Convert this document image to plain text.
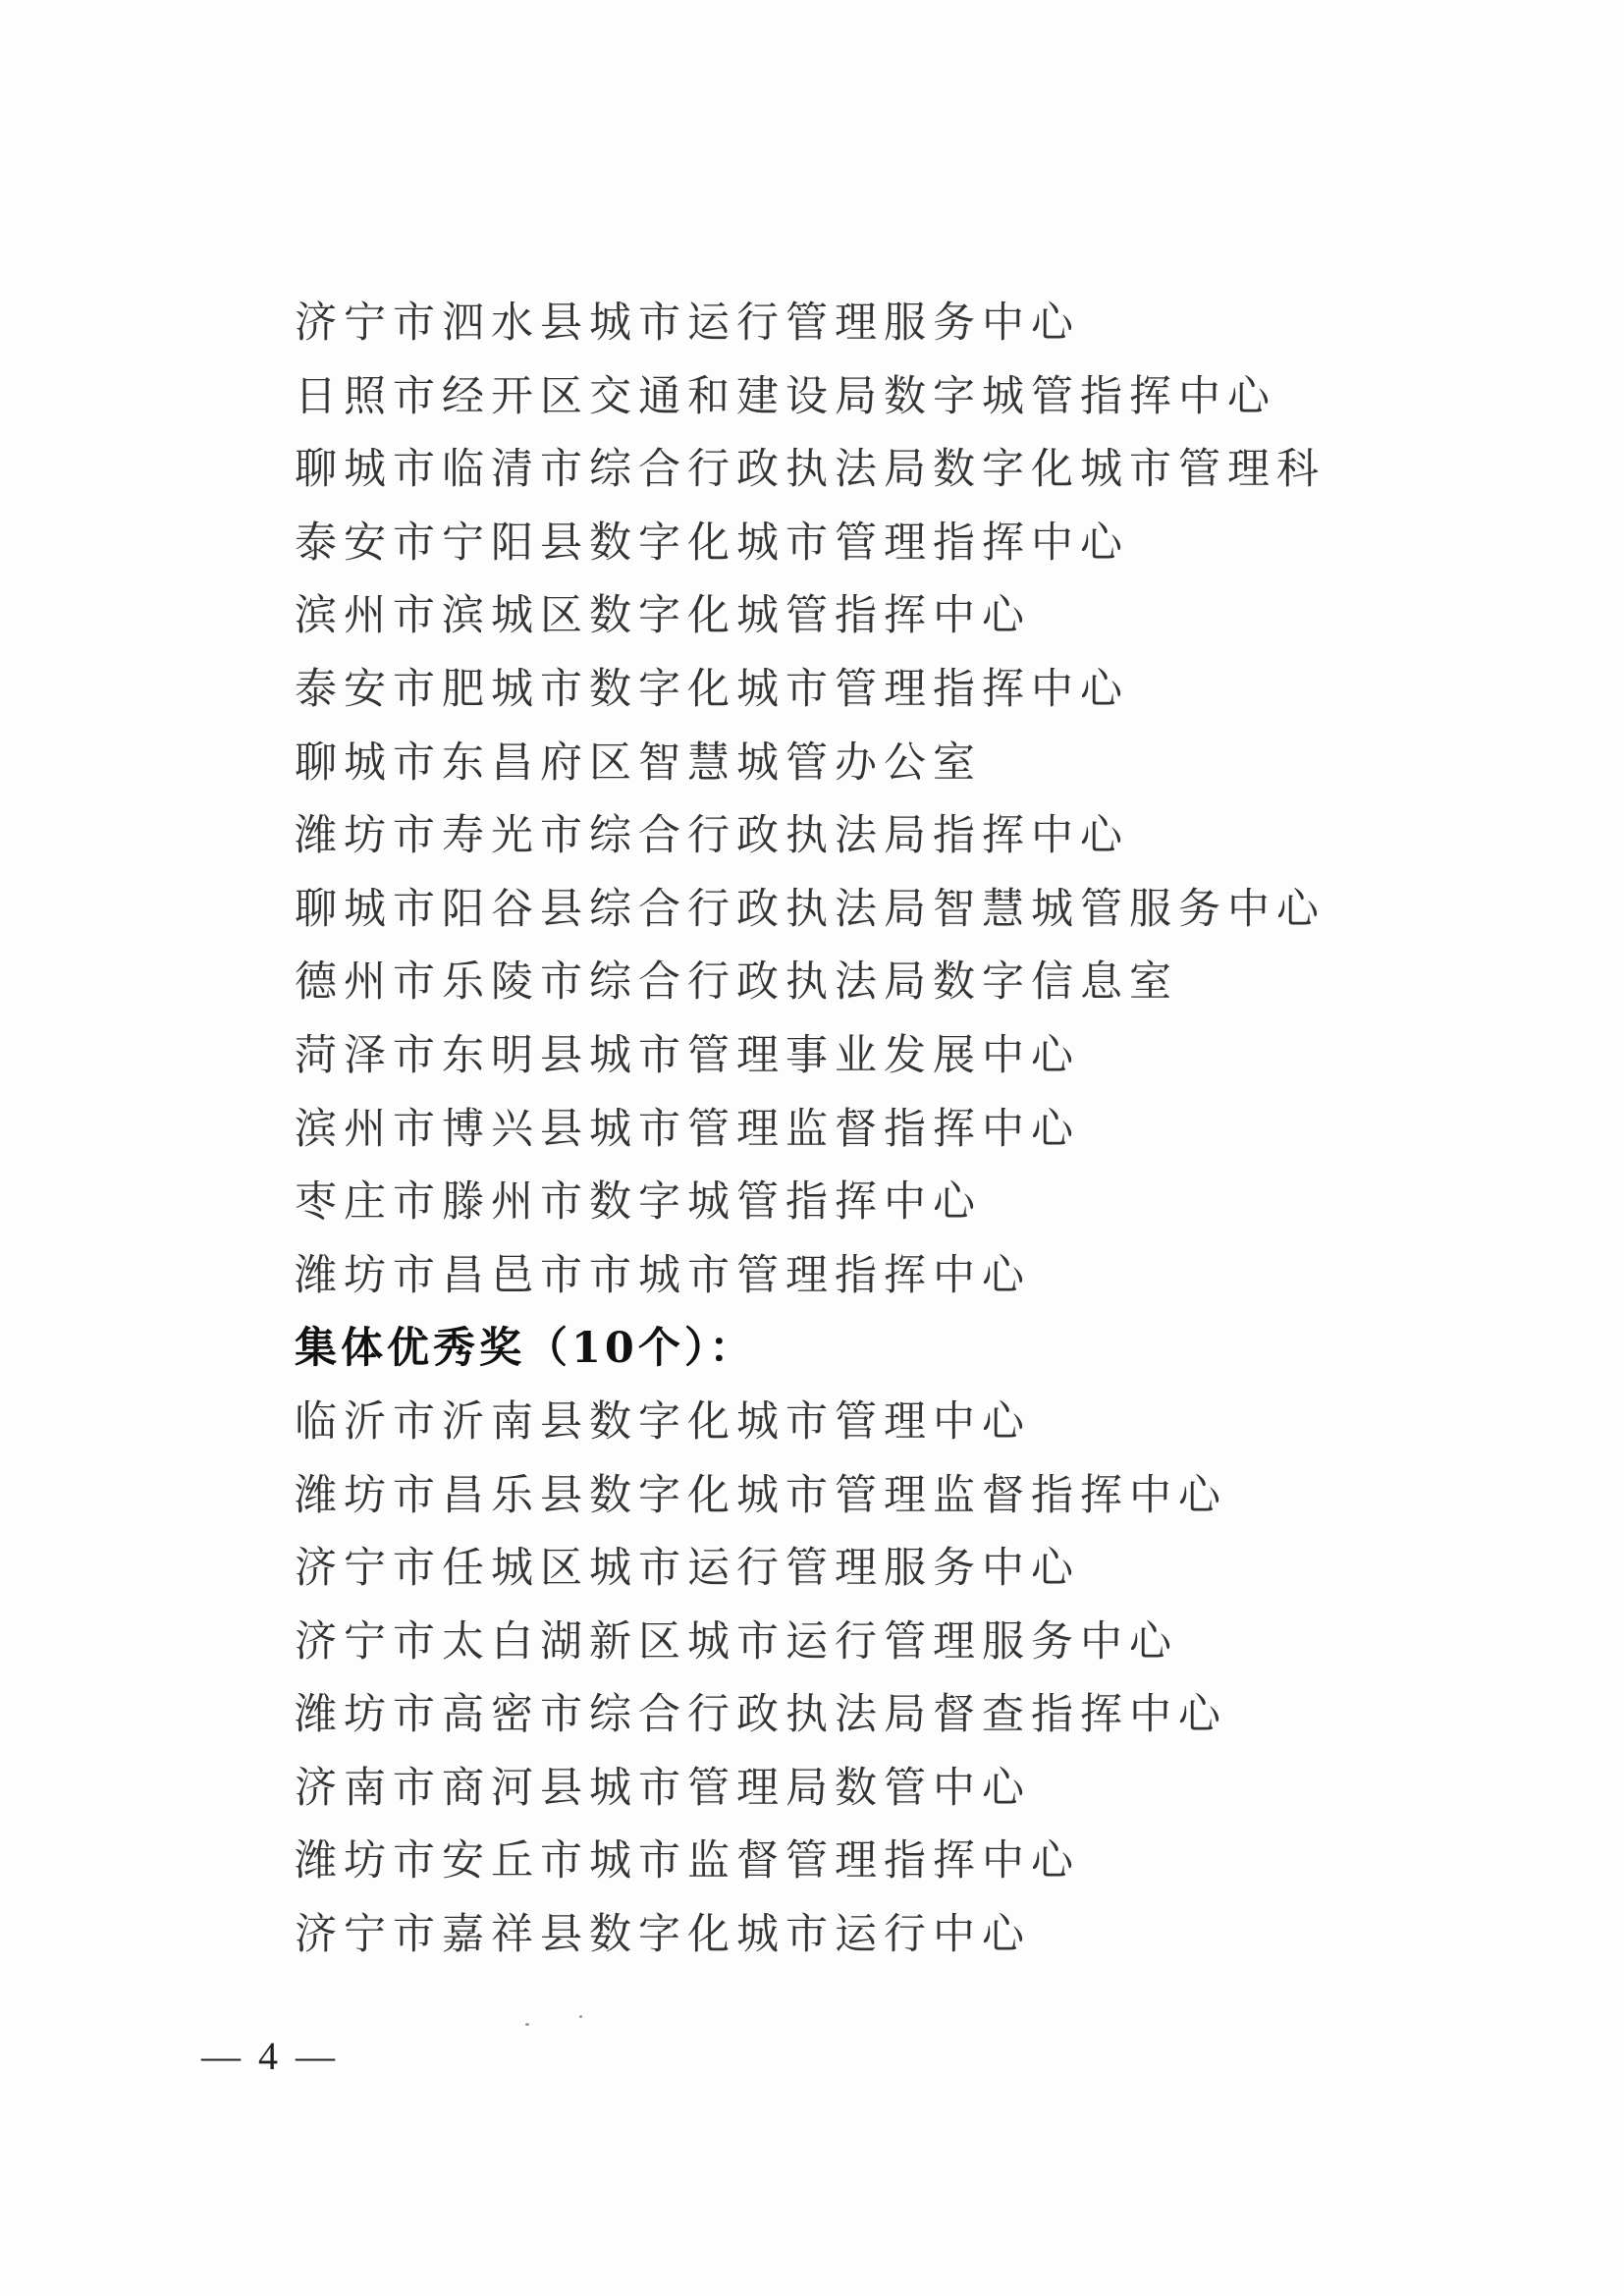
济宁市泗水县城市运行管理服务中心
日照市经开区交通和建设局数字城管指挥中心
聊城市临清市综合行政执法局数字化城市管理科
泰安市宁阳县数字化城市管理指挥中心
滨州市滨城区数字化城管指挥中心
泰安市肥城市数字化城市管理指挥中心
聊城市东昌府区智慧城管办公室
潍坊市寿光市综合行政执法局指挥中心
聊城市阳谷县综合行政执法局智慧城管服务中心
德州市乐陵市综合行政执法局数字信息室
菏泽市东明县城市管理事业发展中心
滨州市博兴县城市管理监督指挥中心
枣庄市滕州市数字城管指挥中心
潍坊市昌邑市市城市管理指挥中心
集体优秀奖（10个）：
临沂市沂南县数字化城市管理中心
潍坊市昌乐县数字化城市管理监督指挥中心
济宁市任城区城市运行管理服务中心
济宁市太白湖新区城市运行管理服务中心
潍坊市高密市综合行政执法局督查指挥中心
济南市商河县城市管理局数管中心
潍坊市安丘市城市监督管理指挥中心
济宁市嘉祥县数字化城市运行中心
— 4 —
